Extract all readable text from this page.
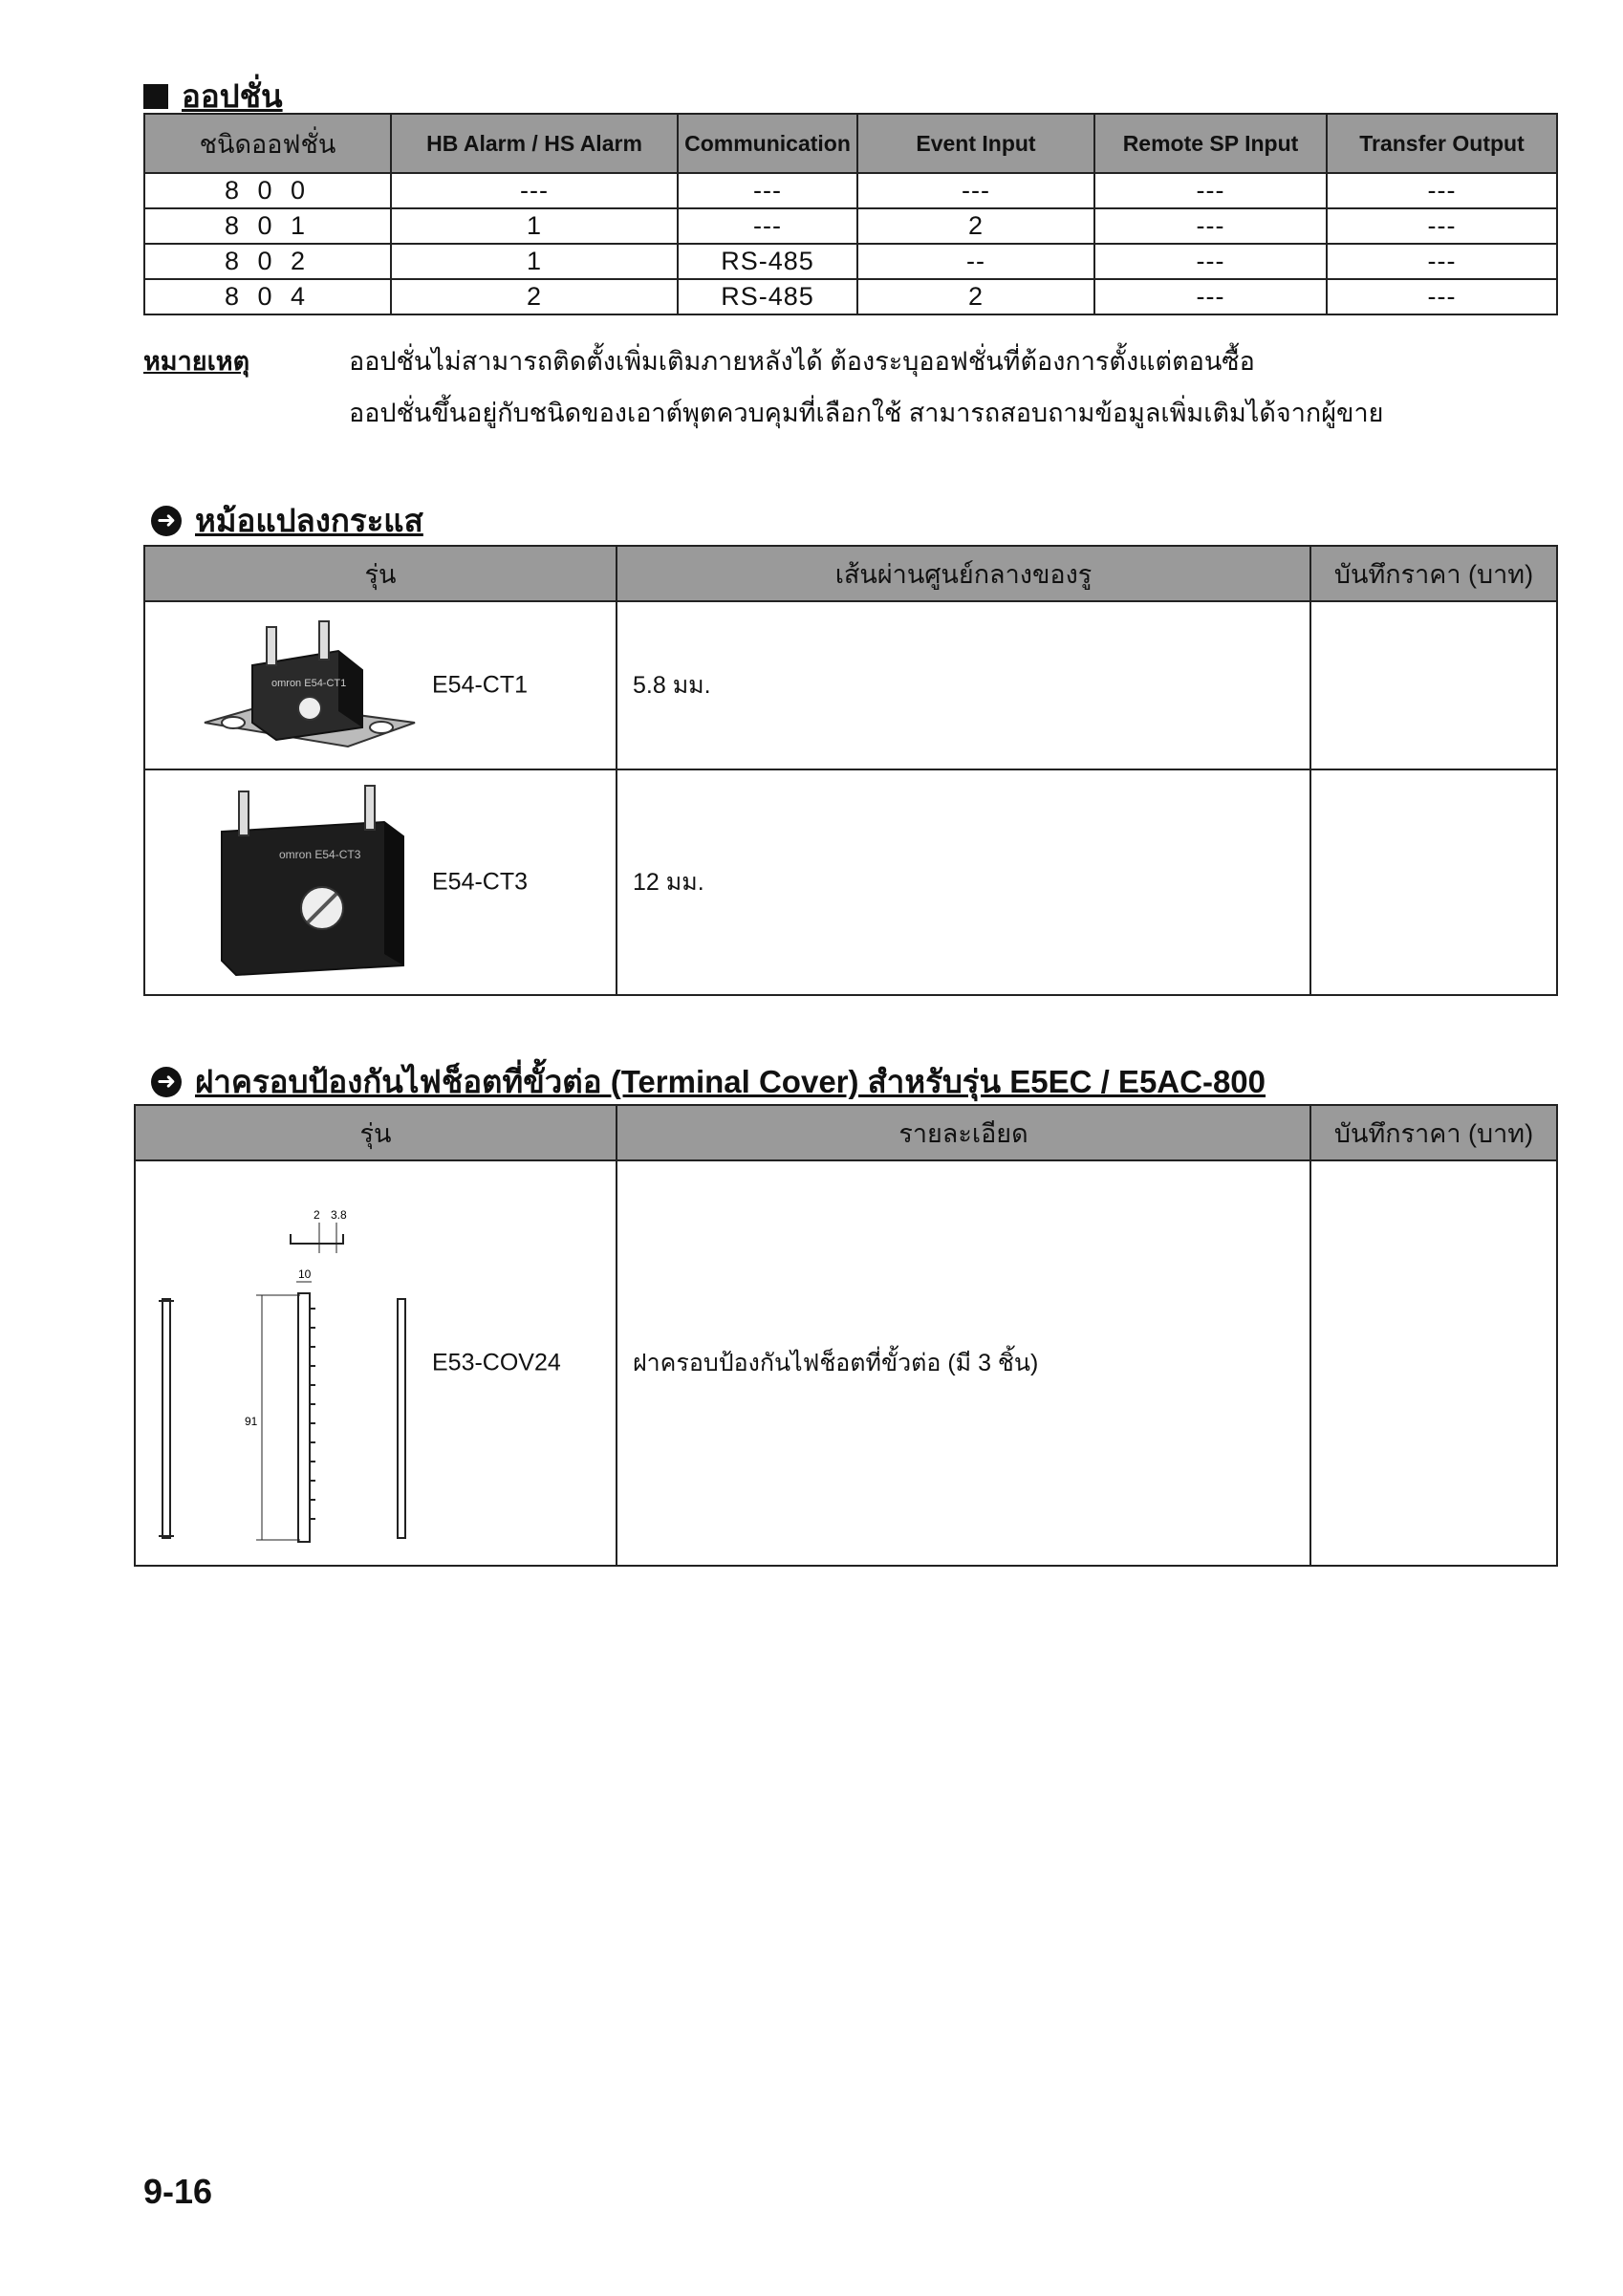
ออปชั่น
ชนิดออฟชั่น	HB Alarm / HS Alarm	Communication	Event Input	Remote SP Input	Transfer Output
8 0 0	---	---	---	---	---
8 0 1	1	---	2	---	---
8 0 2	1	RS-485	--	---	---
8 0 4	2	RS-485	2	---	---
หมายเหตุ	ออปชั่นไม่สามารถติดตั้งเพิ่มเติมภายหลังได้ ต้องระบุออฟชั่นที่ต้องการตั้งแต่ตอนซื้อ
ออปชั่นขึ้นอยู่กับชนิดของเอาต์พุตควบคุมที่เลือกใช้ สามารถสอบถามข้อมูลเพิ่มเติมได้จากผู้ขาย
➜ หม้อแปลงกระแส
รุ่น	เส้นผ่านศูนย์กลางของรู	บันทึกราคา (บาท)

omron E54-CT1 E54-CT1	5.8 มม.	

omron E54-CT3
E54-CT3	12 มม.	
➜ ฝาครอบป้องกันไฟช็อตที่ขั้วต่อ (Terminal Cover) สำหรับรุ่น E5EC / E5AC-800
รุ่น	รายละเอียด	บันทึกราคา (บาท)

2 3.8
10
91
E53-COV24	ฝาครอบป้องกันไฟช็อตที่ขั้วต่อ (มี 3 ชิ้น)	
9-16
